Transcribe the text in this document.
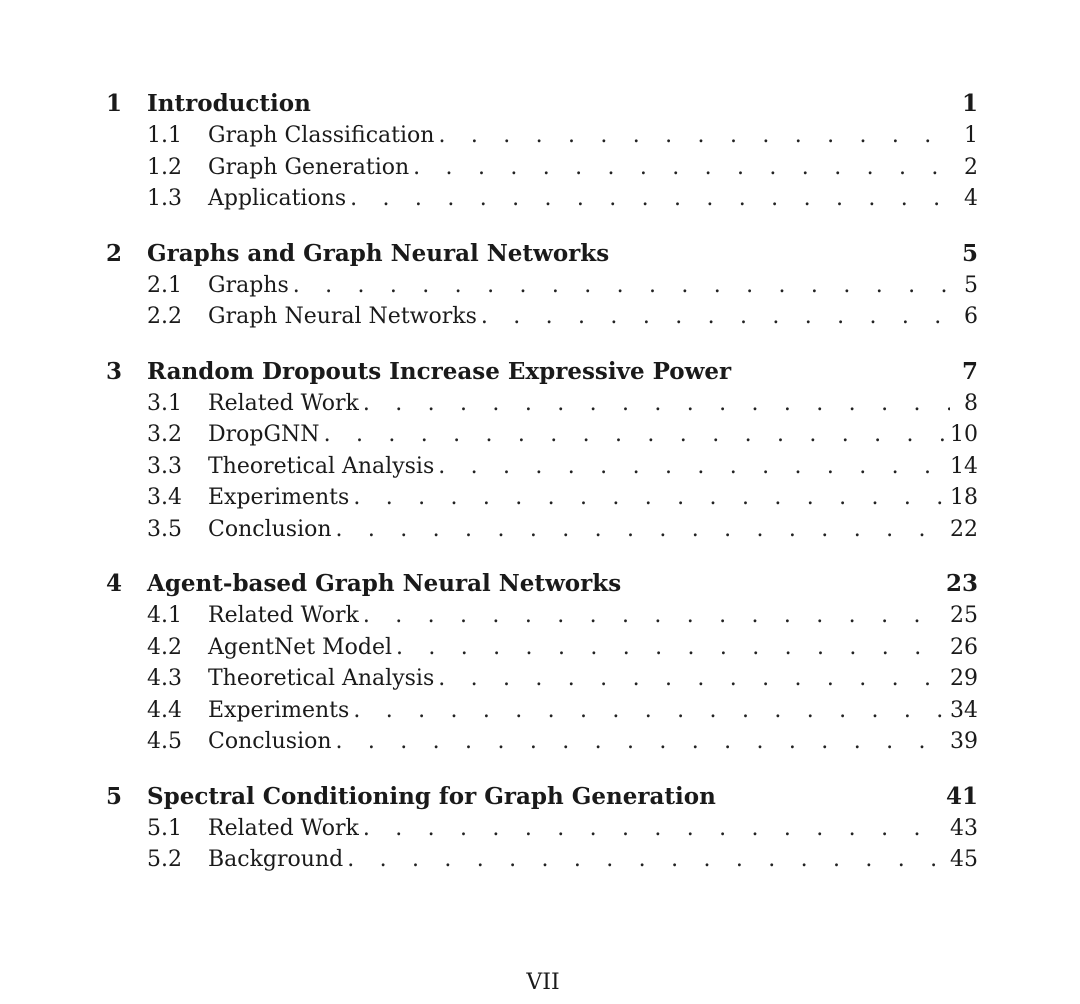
1	Introduction	1
1.1	Graph Classification . . .	1
1.2	Graph Generation . . .	2
1.3	Applications . . .	4
2	Graphs and Graph Neural Networks	5
2.1	Graphs . . .	5
2.2	Graph Neural Networks . . .	6
3	Random Dropouts Increase Expressive Power	7
3.1	Related Work . . .	8
3.2	DropGNN . . .	10
3.3	Theoretical Analysis . . .	14
3.4	Experiments . . .	18
3.5	Conclusion . . .	22
4	Agent-based Graph Neural Networks	23
4.1	Related Work . . .	25
4.2	AgentNet Model . . .	26
4.3	Theoretical Analysis . . .	29
4.4	Experiments . . .	34
4.5	Conclusion . . .	39
5	Spectral Conditioning for Graph Generation	41
5.1	Related Work . . .	43
5.2	Background . . .	45
VII
